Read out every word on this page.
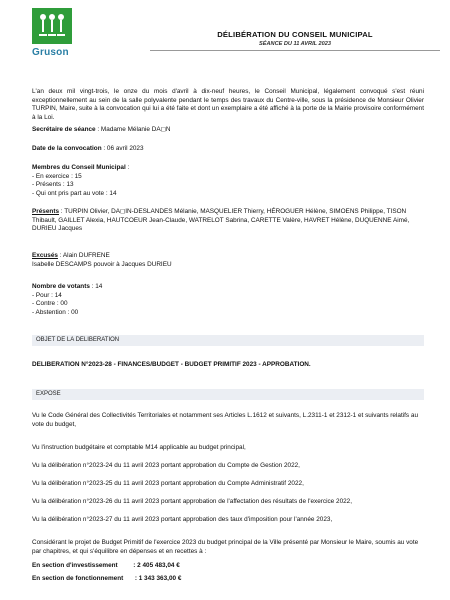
Gruson
DÉLIBÉRATION DU CONSEIL MUNICIPAL
SÉANCE DU 11 AVRIL 2023
L'an deux mil vingt-trois, le onze du mois d'avril à dix-neuf heures, le Conseil Municipal, légalement convoqué s'est réuni exceptionnellement au sein de la salle polyvalente pendant le temps des travaux du Centre-ville, sous la présidence de Monsieur Olivier TURPIN, Maire, suite à la convocation qui lui a été faite et dont un exemplaire a été affiché à la porte de la Mairie provisoire conformément à la Loi.
Secrétaire de séance : Madame Mélanie DA◻N
Date de la convocation : 06 avril 2023
Membres du Conseil Municipal :
- En exercice : 15
- Présents : 13
- Qui ont pris part au vote : 14
Présents : TURPIN Olivier, DA◻IN-DESLANDES Mélanie, MASQUELIER Thierry, HÉROGUER Hélène, SIMOENS Philippe, TISON Thibault, GAILLET Alexia, HAUTCOEUR Jean-Claude, WATRELOT Sabrina, CARETTE Valère, HAVRET Hélène, DUQUENNE Aimé, DURIEU Jacques
Excusés : Alain DUFRENE
Isabelle DESCAMPS pouvoir à Jacques DURIEU
Nombre de votants : 14
- Pour : 14
- Contre : 00
- Abstention : 00
OBJET DE LA DELIBERATION
DELIBERATION N°2023-28 - FINANCES/BUDGET - BUDGET PRIMITIF 2023 - APPROBATION.
EXPOSE
Vu le Code Général des Collectivités Territoriales et notamment ses Articles L.1612 et suivants, L.2311-1 et 2312-1 et suivants relatifs au vote du budget,
Vu l'instruction budgétaire et comptable M14 applicable au budget principal,
Vu la délibération n°2023-24 du 11 avril 2023 portant approbation du Compte de Gestion 2022,
Vu la délibération n°2023-25 du 11 avril 2023 portant approbation du Compte Administratif 2022,
Vu la délibération n°2023-26 du 11 avril 2023 portant approbation de l'affectation des résultats de l'exercice 2022,
Vu la délibération n°2023-27 du 11 avril 2023 portant approbation des taux d'imposition pour l'année 2023,
Considérant le projet de Budget Primitif de l'exercice 2023 du budget principal de la Ville présenté par Monsieur le Maire, soumis au vote par chapitres, et qui s'équilibre en dépenses et en recettes à :
En section d'investissement : 2 405 483,04 €
En section de fonctionnement : 1 343 363,00 €
